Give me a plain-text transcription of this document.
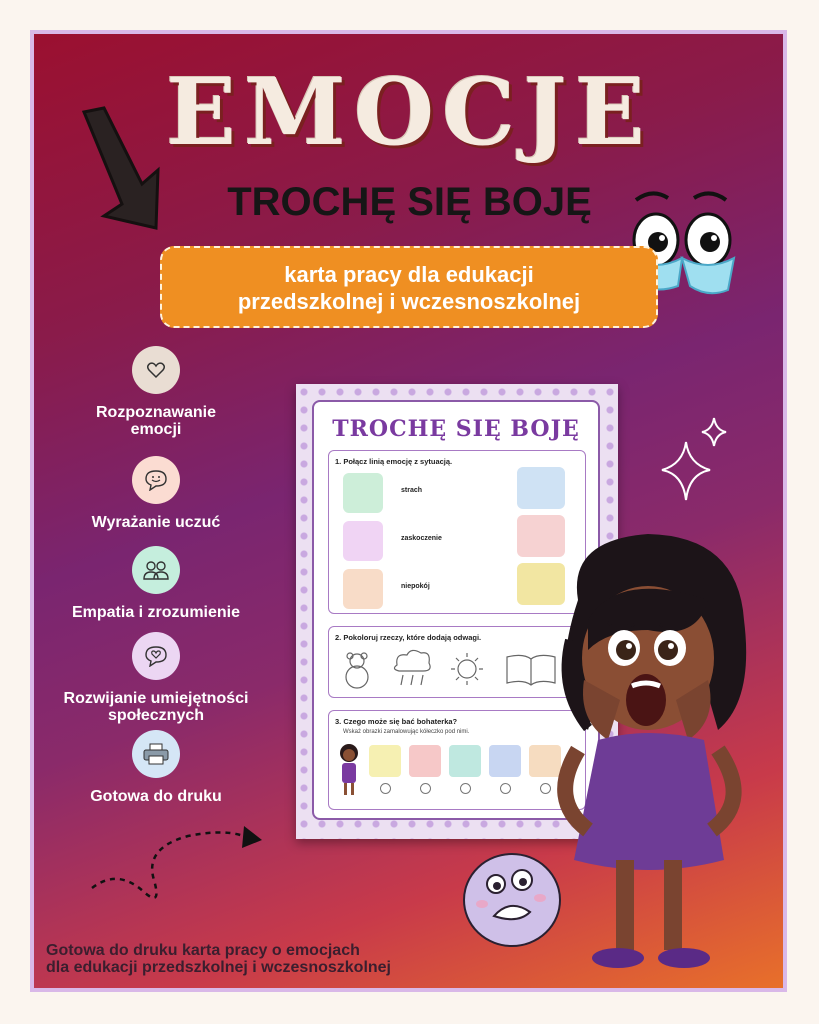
EMOCJE
TROCHĘ SIĘ BOJĘ
karta pracy dla edukacji
przedszkolnej i wczesnoszkolnej
Rozpoznawanie
emocji
Wyrażanie uczuć
Empatia i zrozumienie
Rozwijanie umiejętności
społecznych
Gotowa do druku
TROCHĘ SIĘ BOJĘ
1. Połącz linią emocję z sytuacją.
strach
zaskoczenie
niepokój
2. Pokoloruj rzeczy, które dodają odwagi.
3. Czego może się bać bohaterka?
Wskaż obrazki zamalowując kółeczko pod nimi.
Gotowa do druku karta pracy o emocjach
dla edukacji przedszkolnej i wczesnoszkolnej
